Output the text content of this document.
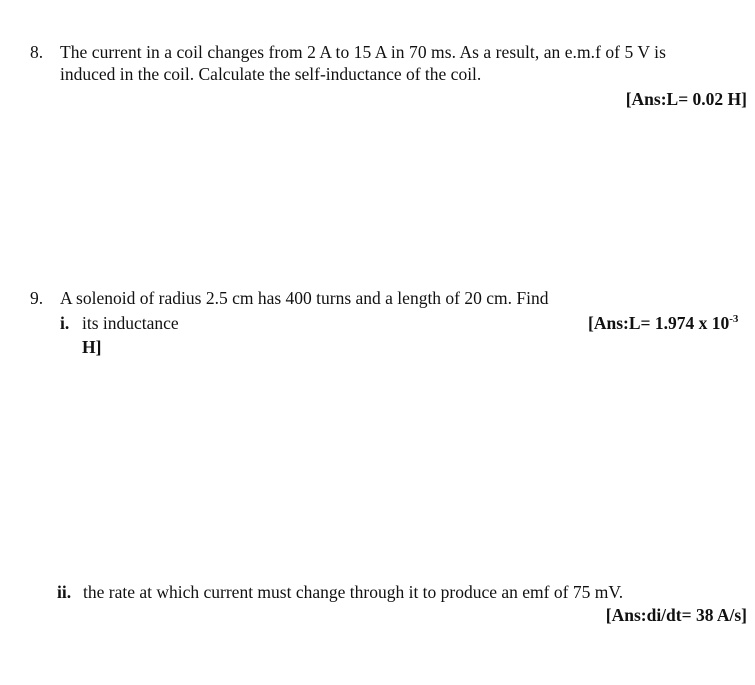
8. The current in a coil changes from 2 A to 15 A in 70 ms. As a result, an e.m.f of 5 V is
induced in the coil. Calculate the self-inductance of the coil.
[Ans:L= 0.02 H]
9. A solenoid of radius 2.5 cm has 400 turns and a length of 20 cm. Find
i. its inductance	[Ans:L= 1.974 x $10^{-3}$
H]
ii. the rate at which current must change through it to produce an emf of 75 mV.
[Ans:di/dt= 38 A/s]
